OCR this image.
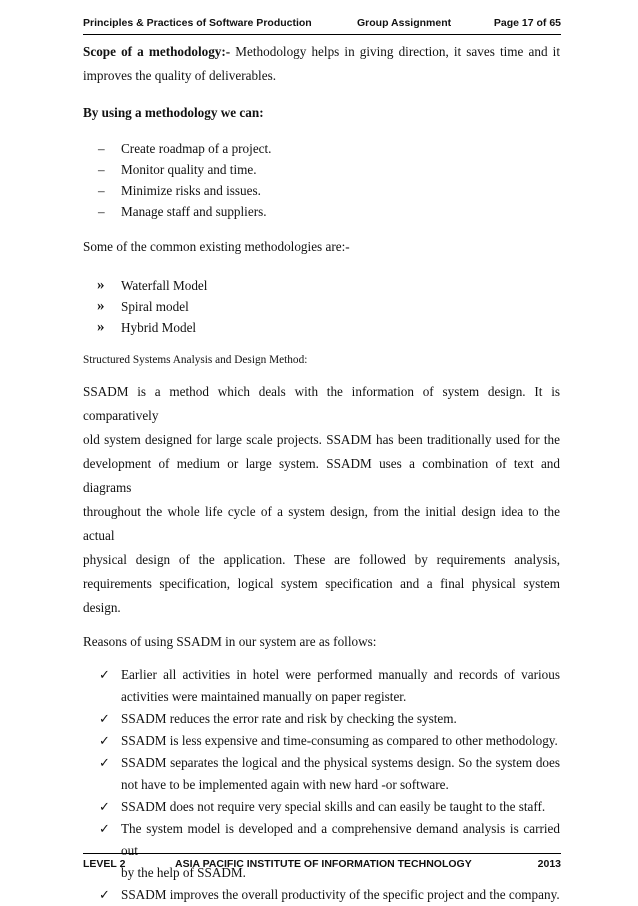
Principles & Practices of Software Production	Group Assignment	Page 17 of 65

Scope of a methodology:- Methodology helps in giving direction, it saves time and it

improves the quality of deliverables.

By using a methodology we can:

– Create roadmap of a project.
– Monitor quality and time.
– Minimize risks and issues.
– Manage staff and suppliers.

Some of the common existing methodologies are:-

» Waterfall Model
» Spiral model
» Hybrid Model

Structured Systems Analysis and Design Method:

SSADM is a method which deals with the information of system design. It is comparatively

old system designed for large scale projects. SSADM has been traditionally used for the

development of medium or large system. SSADM uses a combination of text and diagrams

throughout the whole life cycle of a system design, from the initial design idea to the actual

physical design of the application. These are followed by requirements analysis,

requirements specification, logical system specification and a final physical system design.

Reasons of using SSADM in our system are as follows:

✓ Earlier all activities in hotel were performed manually and records of various
activities were maintained manually on paper register.
✓ SSADM reduces the error rate and risk by checking the system.
✓ SSADM is less expensive and time-consuming as compared to other methodology.
✓ SSADM separates the logical and the physical systems design. So the system does
not have to be implemented again with new hard -or software.
✓ SSADM does not require very special skills and can easily be taught to the staff.
✓ The system model is developed and a comprehensive demand analysis is carried out
by the help of SSADM.
✓ SSADM improves the overall productivity of the specific project and the company.
LEVEL 2	ASIA PACIFIC INSTITUTE OF INFORMATION TECHNOLOGY	2013
